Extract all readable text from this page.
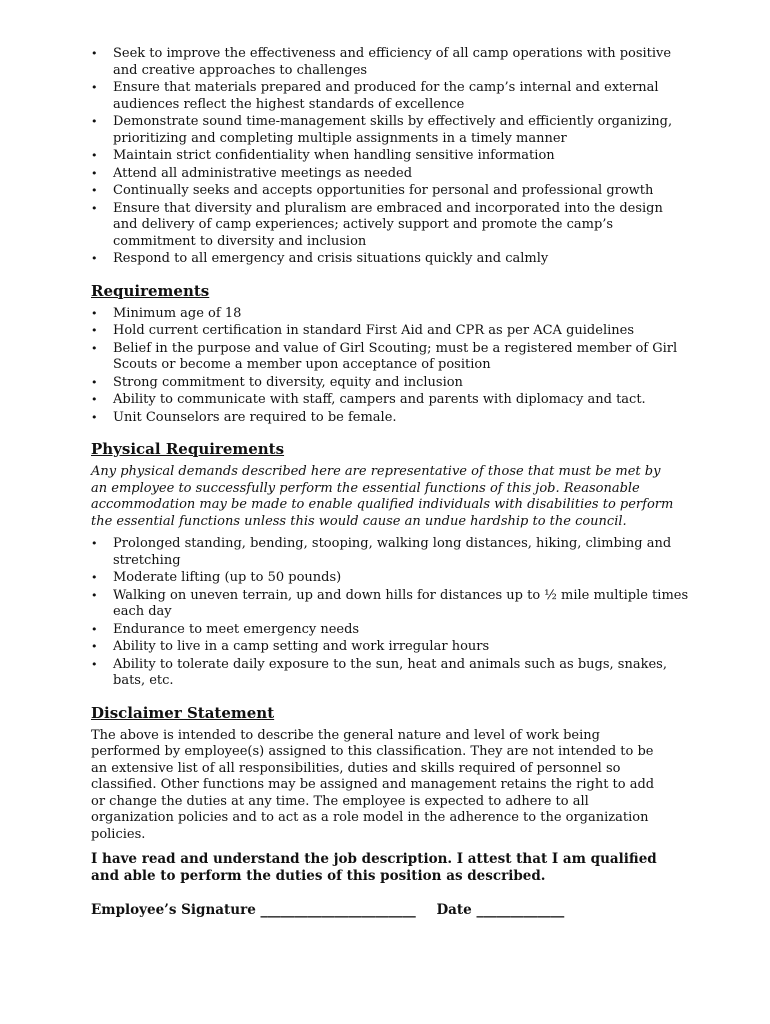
•	Seek to improve the effectiveness and efficiency of all camp operations with positive and creative approaches to challenges
•	Ensure that materials prepared and produced for the camp’s internal and external audiences reflect the highest standards of excellence
•	Demonstrate sound time-management skills by effectively and efficiently organizing, prioritizing and completing multiple assignments in a timely manner
•	Maintain strict confidentiality when handling sensitive information
•	Attend all administrative meetings as needed
•	Continually seeks and accepts opportunities for personal and professional growth
•	Ensure that diversity and pluralism are embraced and incorporated into the design and delivery of camp experiences; actively support and promote the camp’s commitment to diversity and inclusion
•	Respond to all emergency and crisis situations quickly and calmly
Requirements
•	Minimum age of 18
•	Hold current certification in standard First Aid and CPR as per ACA guidelines
•	Belief in the purpose and value of Girl Scouting; must be a registered member of Girl Scouts or become a member upon acceptance of position
•	Strong commitment to diversity, equity and inclusion
•	Ability to communicate with staff, campers and parents with diplomacy and tact.
•	Unit Counselors are required to be female.
Physical Requirements

Any physical demands described here are representative of those that must be met by an employee to successfully perform the essential functions of this job. Reasonable accommodation may be made to enable qualified individuals with disabilities to perform the essential functions unless this would cause an undue hardship to the council.

•	Prolonged standing, bending, stooping, walking long distances, hiking, climbing and stretching
•	Moderate lifting (up to 50 pounds)
•	Walking on uneven terrain, up and down hills for distances up to ½ mile multiple times each day
•	Endurance to meet emergency needs
•	Ability to live in a camp setting and work irregular hours
•	Ability to tolerate daily exposure to the sun, heat and animals such as bugs, snakes, bats, etc.
Disclaimer Statement

The above is intended to describe the general nature and level of work being performed by employee(s) assigned to this classification. They are not intended to be an extensive list of all responsibilities, duties and skills required of personnel so classified. Other functions may be assigned and management retains the right to add or change the duties at any time. The employee is expected to adhere to all organization policies and to act as a role model in the adherence to the organization policies.

I have read and understand the job description. I attest that I am qualified and able to perform the duties of this position as described.

Employee’s Signature _______________________ Date _____________
